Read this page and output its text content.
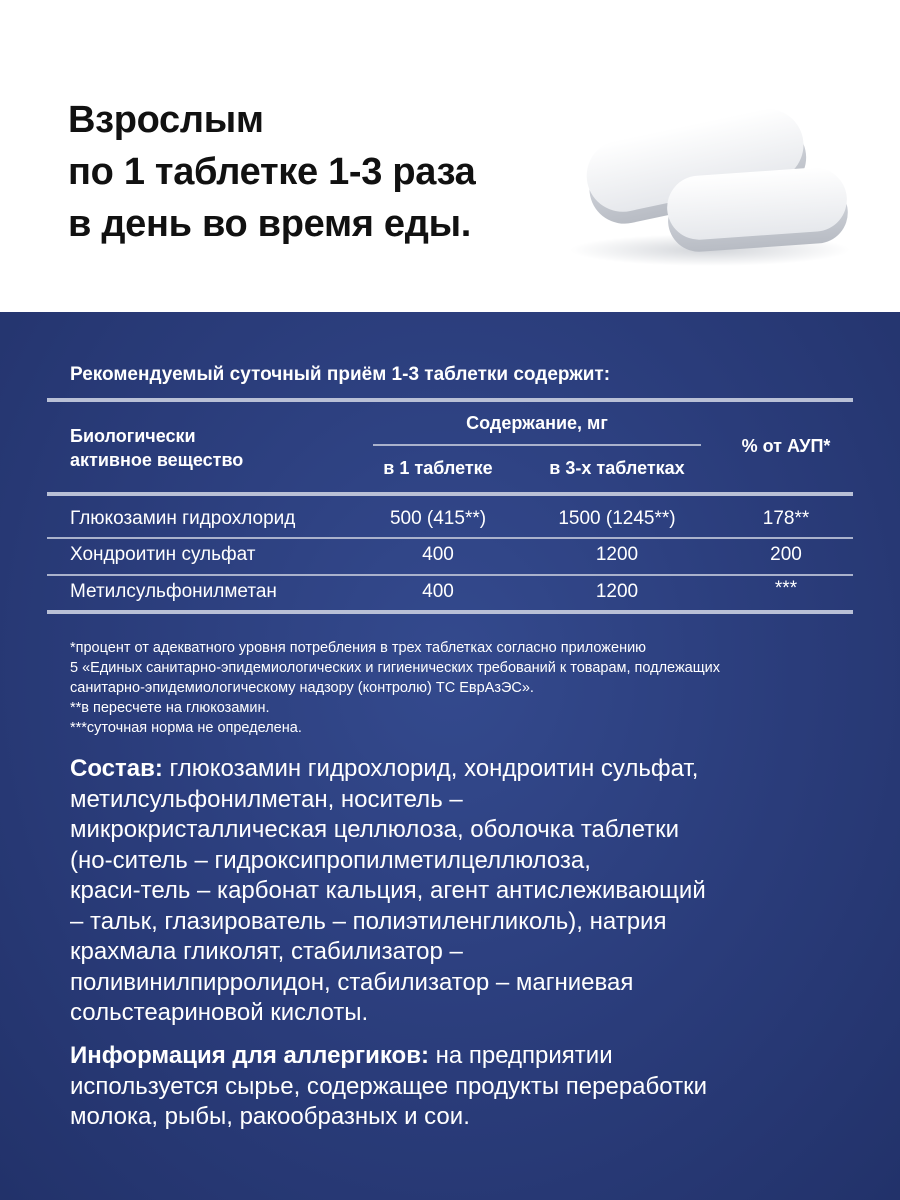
Взрослым
по 1 таблетке 1-3 раза
в день во время еды.
Рекомендуемый суточный приём 1-3 таблетки содержит:
Биологически
активное вещество
Содержание, мг
в 1 таблетке	в 3-х таблетках
% от АУП*
Глюкозамин гидрохлорид	500 (415**)	1500 (1245**)	178**
Хондроитин сульфат	400	1200	200
Метилсульфонилметан	400	1200	***
*процент от адекватного уровня потребления в трех таблетках согласно приложению
5 «Единых санитарно-эпидемиологических и гигиенических требований к товарам, подлежащих
санитарно-эпидемиологическому надзору (контролю) ТС ЕврАзЭС».
**в пересчете на глюкозамин.
***суточная норма не определена.
Состав: глюкозамин гидрохлорид, хондроитин сульфат,
метилсульфонилметан, носитель –
микрокристаллическая целлюлоза, оболочка таблетки
(но-ситель – гидроксипропилметилцеллюлоза,
краси-тель – карбонат кальция, агент антислеживающий
– тальк, глазирователь – полиэтиленгликоль), натрия
крахмала гликолят, стабилизатор –
поливинилпирролидон, стабилизатор – магниевая
сольстеариновой кислоты.
Информация для аллергиков: на предприятии
используется сырье, содержащее продукты переработки
молока, рыбы, ракообразных и сои.
